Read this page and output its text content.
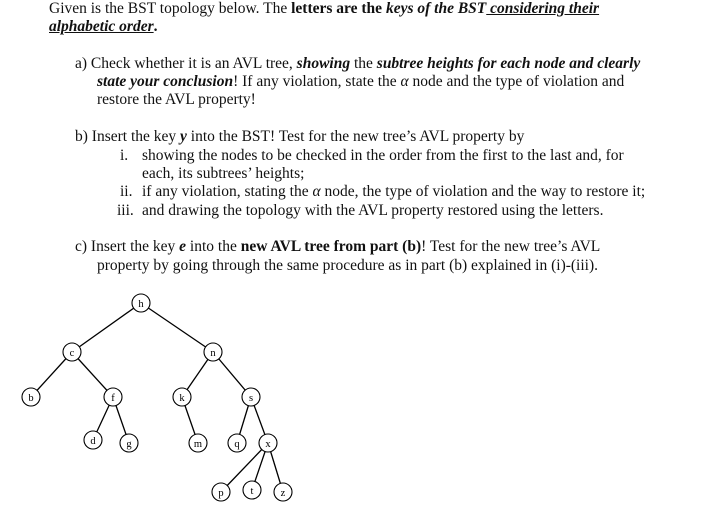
Given is the BST topology below. The letters are the keys of the BST considering their
alphabetic order.
a) Check whether it is an AVL tree, showing the subtree heights for each node and clearly
state your conclusion! If any violation, state the α node and the type of violation and
restore the AVL property!
b) Insert the key y into the BST! Test for the new tree’s AVL property by
i. showing the nodes to be checked in the order from the first to the last and, for
each, its subtrees’ heights;
ii. if any violation, stating the α node, the type of violation and the way to restore it;
iii. and drawing the topology with the AVL property restored using the letters.
c) Insert the key e into the new AVL tree from part (b)! Test for the new tree’s AVL
property by going through the same procedure as in part (b) explained in (i)-(iii).
h
c	n
b	f	k	s
d	g	m	q x
p	t	z
